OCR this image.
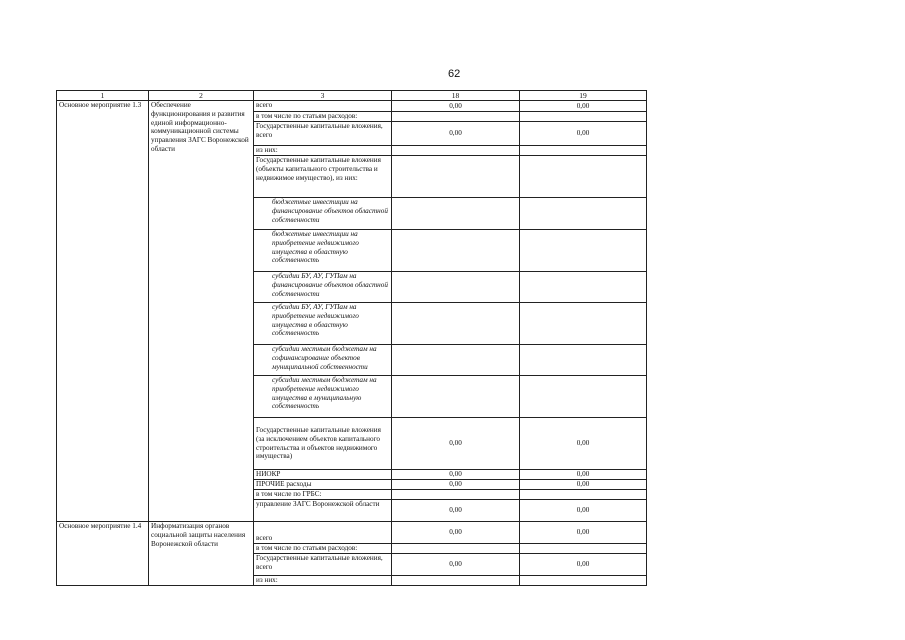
62
1	2	3	18	19
Основное мероприятие 1.3	Обеспечение функционирования и развития единой информационно-коммуникационной системы управления ЗАГС Воронежской области	всего	0,00	0,00
		в том числе по статьям расходов:		
		Государственные капитальные вложения, всего	0,00	0,00
		из них:		
		Государственные капитальные вложения (объекты капитального строительства и недвижимое имущество), из них:		
		бюджетные инвестиции на финансирование объектов областной собственности		
		бюджетные инвестиции на приобретение недвижимого имущества в областную собственность		
		субсидии БУ, АУ, ГУПам на финансирование объектов областной собственности		
		субсидии БУ, АУ, ГУПам на приобретение недвижимого имущества в областную собственность		
		субсидии местным бюджетам на софинансирование объектов муниципальной собственности		
		субсидии местным бюджетам на приобретение недвижимого имущества в муниципальную собственность		
		Государственные капитальные вложения (за исключением объектов капитального строительства и объектов недвижимого имущества)	0,00	0,00
		НИОКР	0,00	0,00
		ПРОЧИЕ расходы	0,00	0,00
		в том числе по ГРБС:		
		управление ЗАГС Воронежской области	0,00	0,00
Основное мероприятие 1.4	Информатизация органов социальной защиты населения Воронежской области	всего	0,00	0,00
		в том числе по статьям расходов:		
		Государственные капитальные вложения, всего	0,00	0,00
		из них:		
